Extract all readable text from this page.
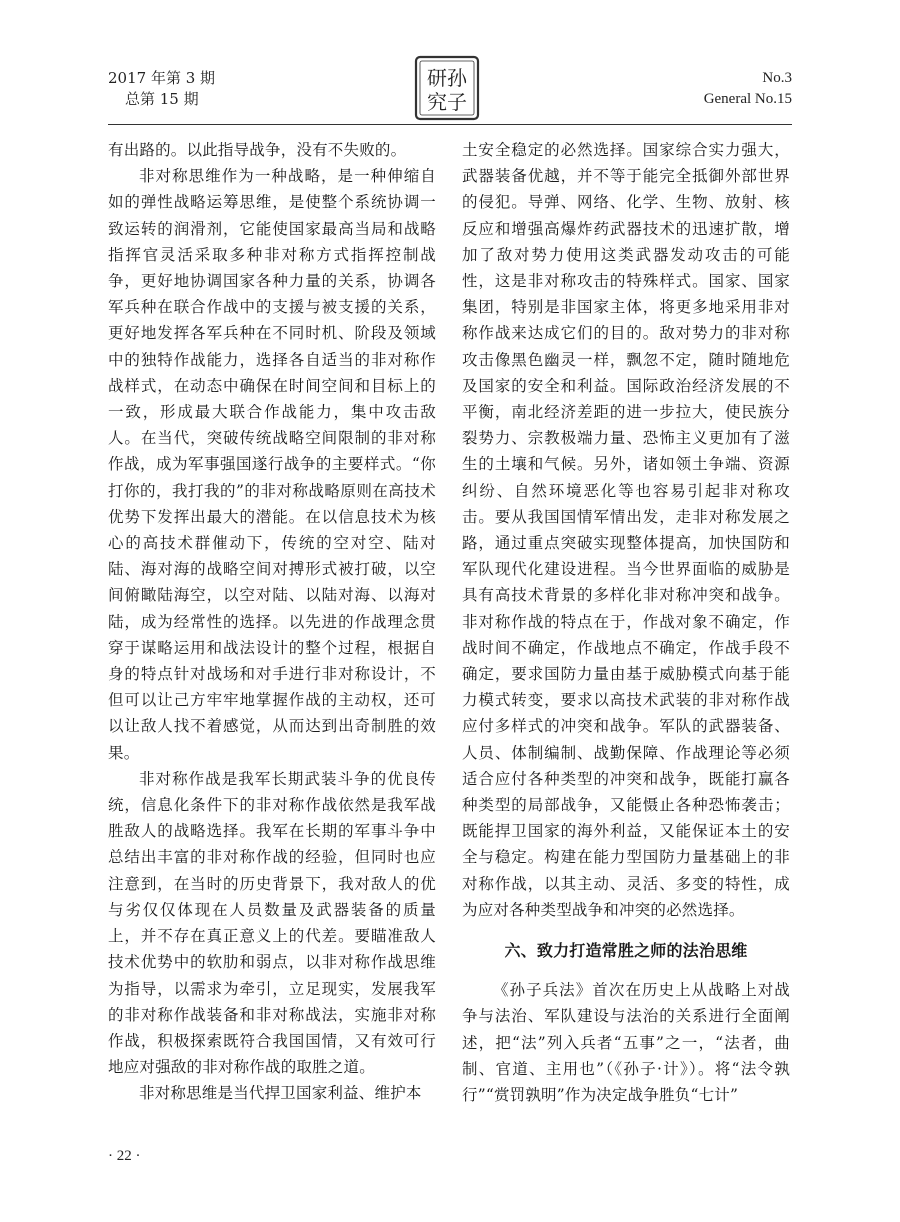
2017 年第 3 期
总第 15 期
研孙
究子
No.3
General No.15

有出路的。以此指导战争，没有不失败的。

非对称思维作为一种战略，是一种伸缩自如的弹性战略运筹思维，是使整个系统协调一致运转的润滑剂，它能使国家最高当局和战略指挥官灵活采取多种非对称方式指挥控制战争，更好地协调国家各种力量的关系，协调各军兵种在联合作战中的支援与被支援的关系，更好地发挥各军兵种在不同时机、阶段及领域中的独特作战能力，选择各自适当的非对称作战样式，在动态中确保在时间空间和目标上的一致，形成最大联合作战能力，集中攻击敌人。在当代，突破传统战略空间限制的非对称作战，成为军事强国遂行战争的主要样式。“你打你的，我打我的”的非对称战略原则在高技术优势下发挥出最大的潜能。在以信息技术为核心的高技术群催动下，传统的空对空、陆对陆、海对海的战略空间对搏形式被打破，以空间俯瞰陆海空，以空对陆、以陆对海、以海对陆，成为经常性的选择。以先进的作战理念贯穿于谋略运用和战法设计的整个过程，根据自身的特点针对战场和对手进行非对称设计，不但可以让己方牢牢地掌握作战的主动权，还可以让敌人找不着感觉，从而达到出奇制胜的效果。

非对称作战是我军长期武装斗争的优良传统，信息化条件下的非对称作战依然是我军战胜敌人的战略选择。我军在长期的军事斗争中总结出丰富的非对称作战的经验，但同时也应注意到，在当时的历史背景下，我对敌人的优与劣仅仅体现在人员数量及武器装备的质量上，并不存在真正意义上的代差。要瞄准敌人技术优势中的软肋和弱点，以非对称作战思维为指导，以需求为牵引，立足现实，发展我军的非对称作战装备和非对称战法，实施非对称作战，积极探索既符合我国国情，又有效可行地应对强敌的非对称作战的取胜之道。

非对称思维是当代捍卫国家利益、维护本

土安全稳定的必然选择。国家综合实力强大，武器装备优越，并不等于能完全抵御外部世界的侵犯。导弹、网络、化学、生物、放射、核反应和增强高爆炸药武器技术的迅速扩散，增加了敌对势力使用这类武器发动攻击的可能性，这是非对称攻击的特殊样式。国家、国家集团，特别是非国家主体，将更多地采用非对称作战来达成它们的目的。敌对势力的非对称攻击像黑色幽灵一样，飘忽不定，随时随地危及国家的安全和利益。国际政治经济发展的不平衡，南北经济差距的进一步拉大，使民族分裂势力、宗教极端力量、恐怖主义更加有了滋生的土壤和气候。另外，诸如领土争端、资源纠纷、自然环境恶化等也容易引起非对称攻击。要从我国国情军情出发，走非对称发展之路，通过重点突破实现整体提高，加快国防和军队现代化建设进程。当今世界面临的威胁是具有高技术背景的多样化非对称冲突和战争。非对称作战的特点在于，作战对象不确定，作战时间不确定，作战地点不确定，作战手段不确定，要求国防力量由基于威胁模式向基于能力模式转变，要求以高技术武装的非对称作战应付多样式的冲突和战争。军队的武器装备、人员、体制编制、战勤保障、作战理论等必须适合应付各种类型的冲突和战争，既能打赢各种类型的局部战争，又能慑止各种恐怖袭击；既能捍卫国家的海外利益，又能保证本土的安全与稳定。构建在能力型国防力量基础上的非对称作战，以其主动、灵活、多变的特性，成为应对各种类型战争和冲突的必然选择。

六、致力打造常胜之师的法治思维

《孙子兵法》首次在历史上从战略上对战争与法治、军队建设与法治的关系进行全面阐述，把“法”列入兵者“五事”之一，“法者，曲制、官道、主用也”（《孙子·计》）。将“法令孰行”“赏罚孰明”作为决定战争胜负“七计”

· 22 ·
